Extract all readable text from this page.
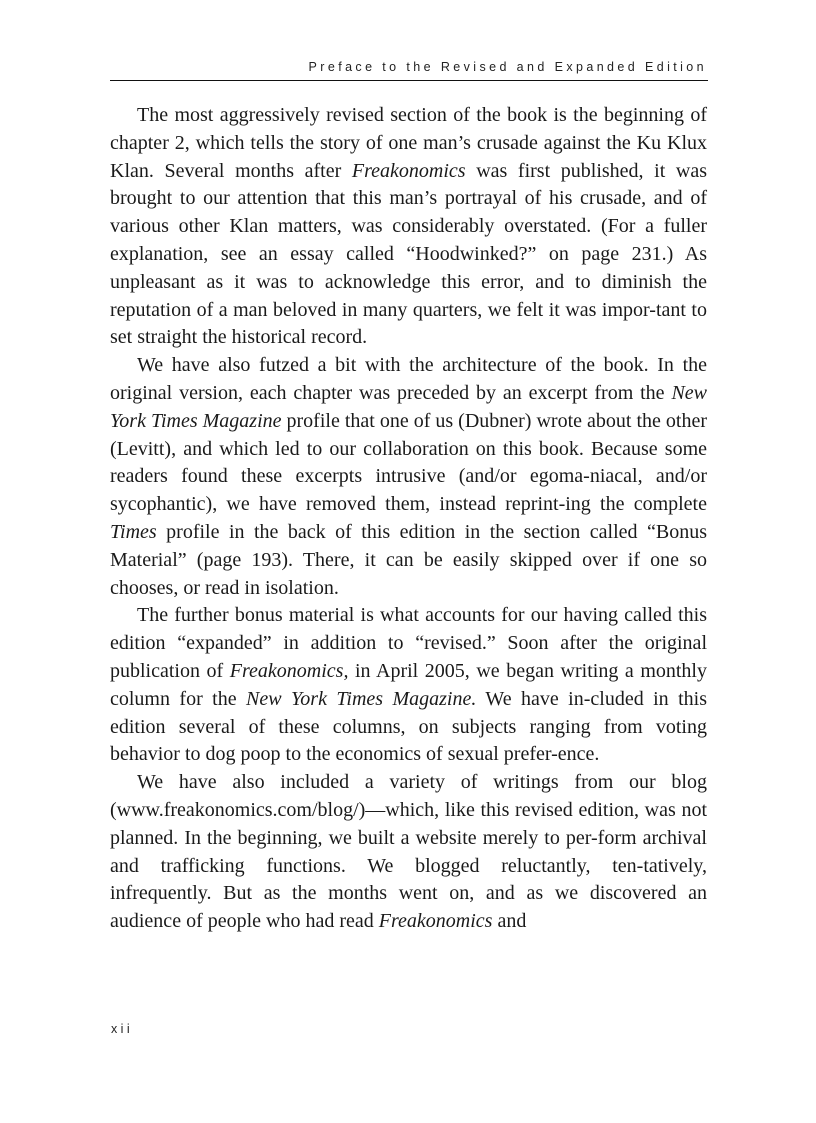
Preface to the Revised and Expanded Edition

The most aggressively revised section of the book is the beginning of chapter 2, which tells the story of one man’s crusade against the Ku Klux Klan. Several months after Freakonomics was first published, it was brought to our attention that this man’s portrayal of his crusade, and of various other Klan matters, was considerably overstated. (For a fuller explanation, see an essay called “Hoodwinked?” on page 231.) As unpleasant as it was to acknowledge this error, and to diminish the reputation of a man beloved in many quarters, we felt it was impor-tant to set straight the historical record.

We have also futzed a bit with the architecture of the book. In the original version, each chapter was preceded by an excerpt from the New York Times Magazine profile that one of us (Dubner) wrote about the other (Levitt), and which led to our collaboration on this book. Because some readers found these excerpts intrusive (and/or egoma-niacal, and/or sycophantic), we have removed them, instead reprint-ing the complete Times profile in the back of this edition in the section called “Bonus Material” (page 193). There, it can be easily skipped over if one so chooses, or read in isolation.

The further bonus material is what accounts for our having called this edition “expanded” in addition to “revised.” Soon after the original publication of Freakonomics, in April 2005, we began writing a monthly column for the New York Times Magazine. We have in-cluded in this edition several of these columns, on subjects ranging from voting behavior to dog poop to the economics of sexual prefer-ence.

We have also included a variety of writings from our blog (www.freakonomics.com/blog/)—which, like this revised edition, was not planned. In the beginning, we built a website merely to per-form archival and trafficking functions. We blogged reluctantly, ten-tatively, infrequently. But as the months went on, and as we discovered an audience of people who had read Freakonomics and

xii
